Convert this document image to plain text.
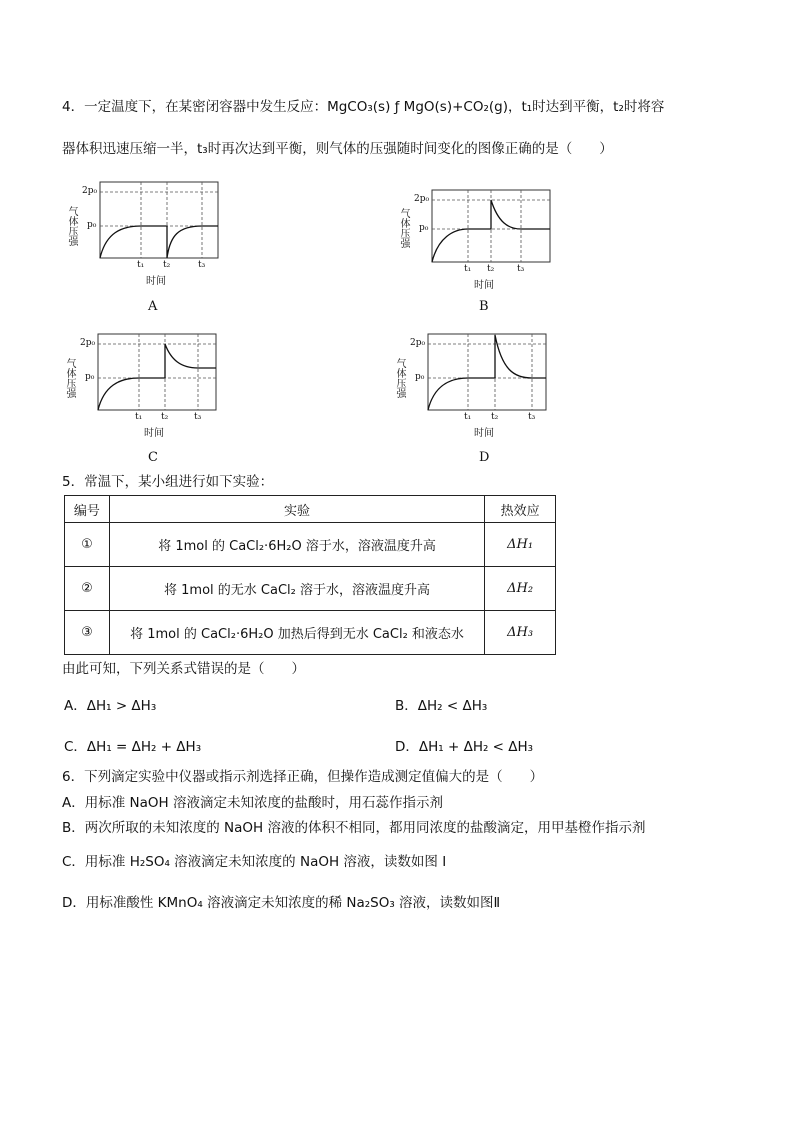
4．一定温度下，在某密闭容器中发生反应：MgCO₃(s) ƒ MgO(s)+CO₂(g)，t₁时达到平衡，t₂时将容
器体积迅速压缩一半，t₃时再次达到平衡，则气体的压强随时间变化的图像正确的是（　　）
2p₀
p₀
气体压强
t₁ t₂	t₃
时间
A
2p₀
p₀
气体压强
t₁ t₂	t₃
时间
B
2p₀
p₀
气体压强
t₁ t₂	t₃
时间
C
2p₀
p₀
气体压强
t₁ t₂	t₃
时间
D
5．常温下，某小组进行如下实验：
编号	实验	热效应
①	将 1mol 的 CaCl₂·6H₂O 溶于水，溶液温度升高	ΔH₁
②	将 1mol 的无水 CaCl₂ 溶于水，溶液温度升高	ΔH₂
③	将 1mol 的 CaCl₂·6H₂O 加热后得到无水 CaCl₂ 和液态水	ΔH₃
由此可知，下列关系式错误的是（　　）
A．ΔH₁ > ΔH₃	B．ΔH₂ < ΔH₃
C．ΔH₁ = ΔH₂ + ΔH₃	D．ΔH₁ + ΔH₂ < ΔH₃
6．下列滴定实验中仪器或指示剂选择正确，但操作造成测定值偏大的是（　　）
A．用标准 NaOH 溶液滴定未知浓度的盐酸时，用石蕊作指示剂
B．两次所取的未知浓度的 NaOH 溶液的体积不相同，都用同浓度的盐酸滴定，用甲基橙作指示剂
C．用标准 H₂SO₄ 溶液滴定未知浓度的 NaOH 溶液，读数如图 I
D．用标准酸性 KMnO₄ 溶液滴定未知浓度的稀 Na₂SO₃ 溶液，读数如图Ⅱ
